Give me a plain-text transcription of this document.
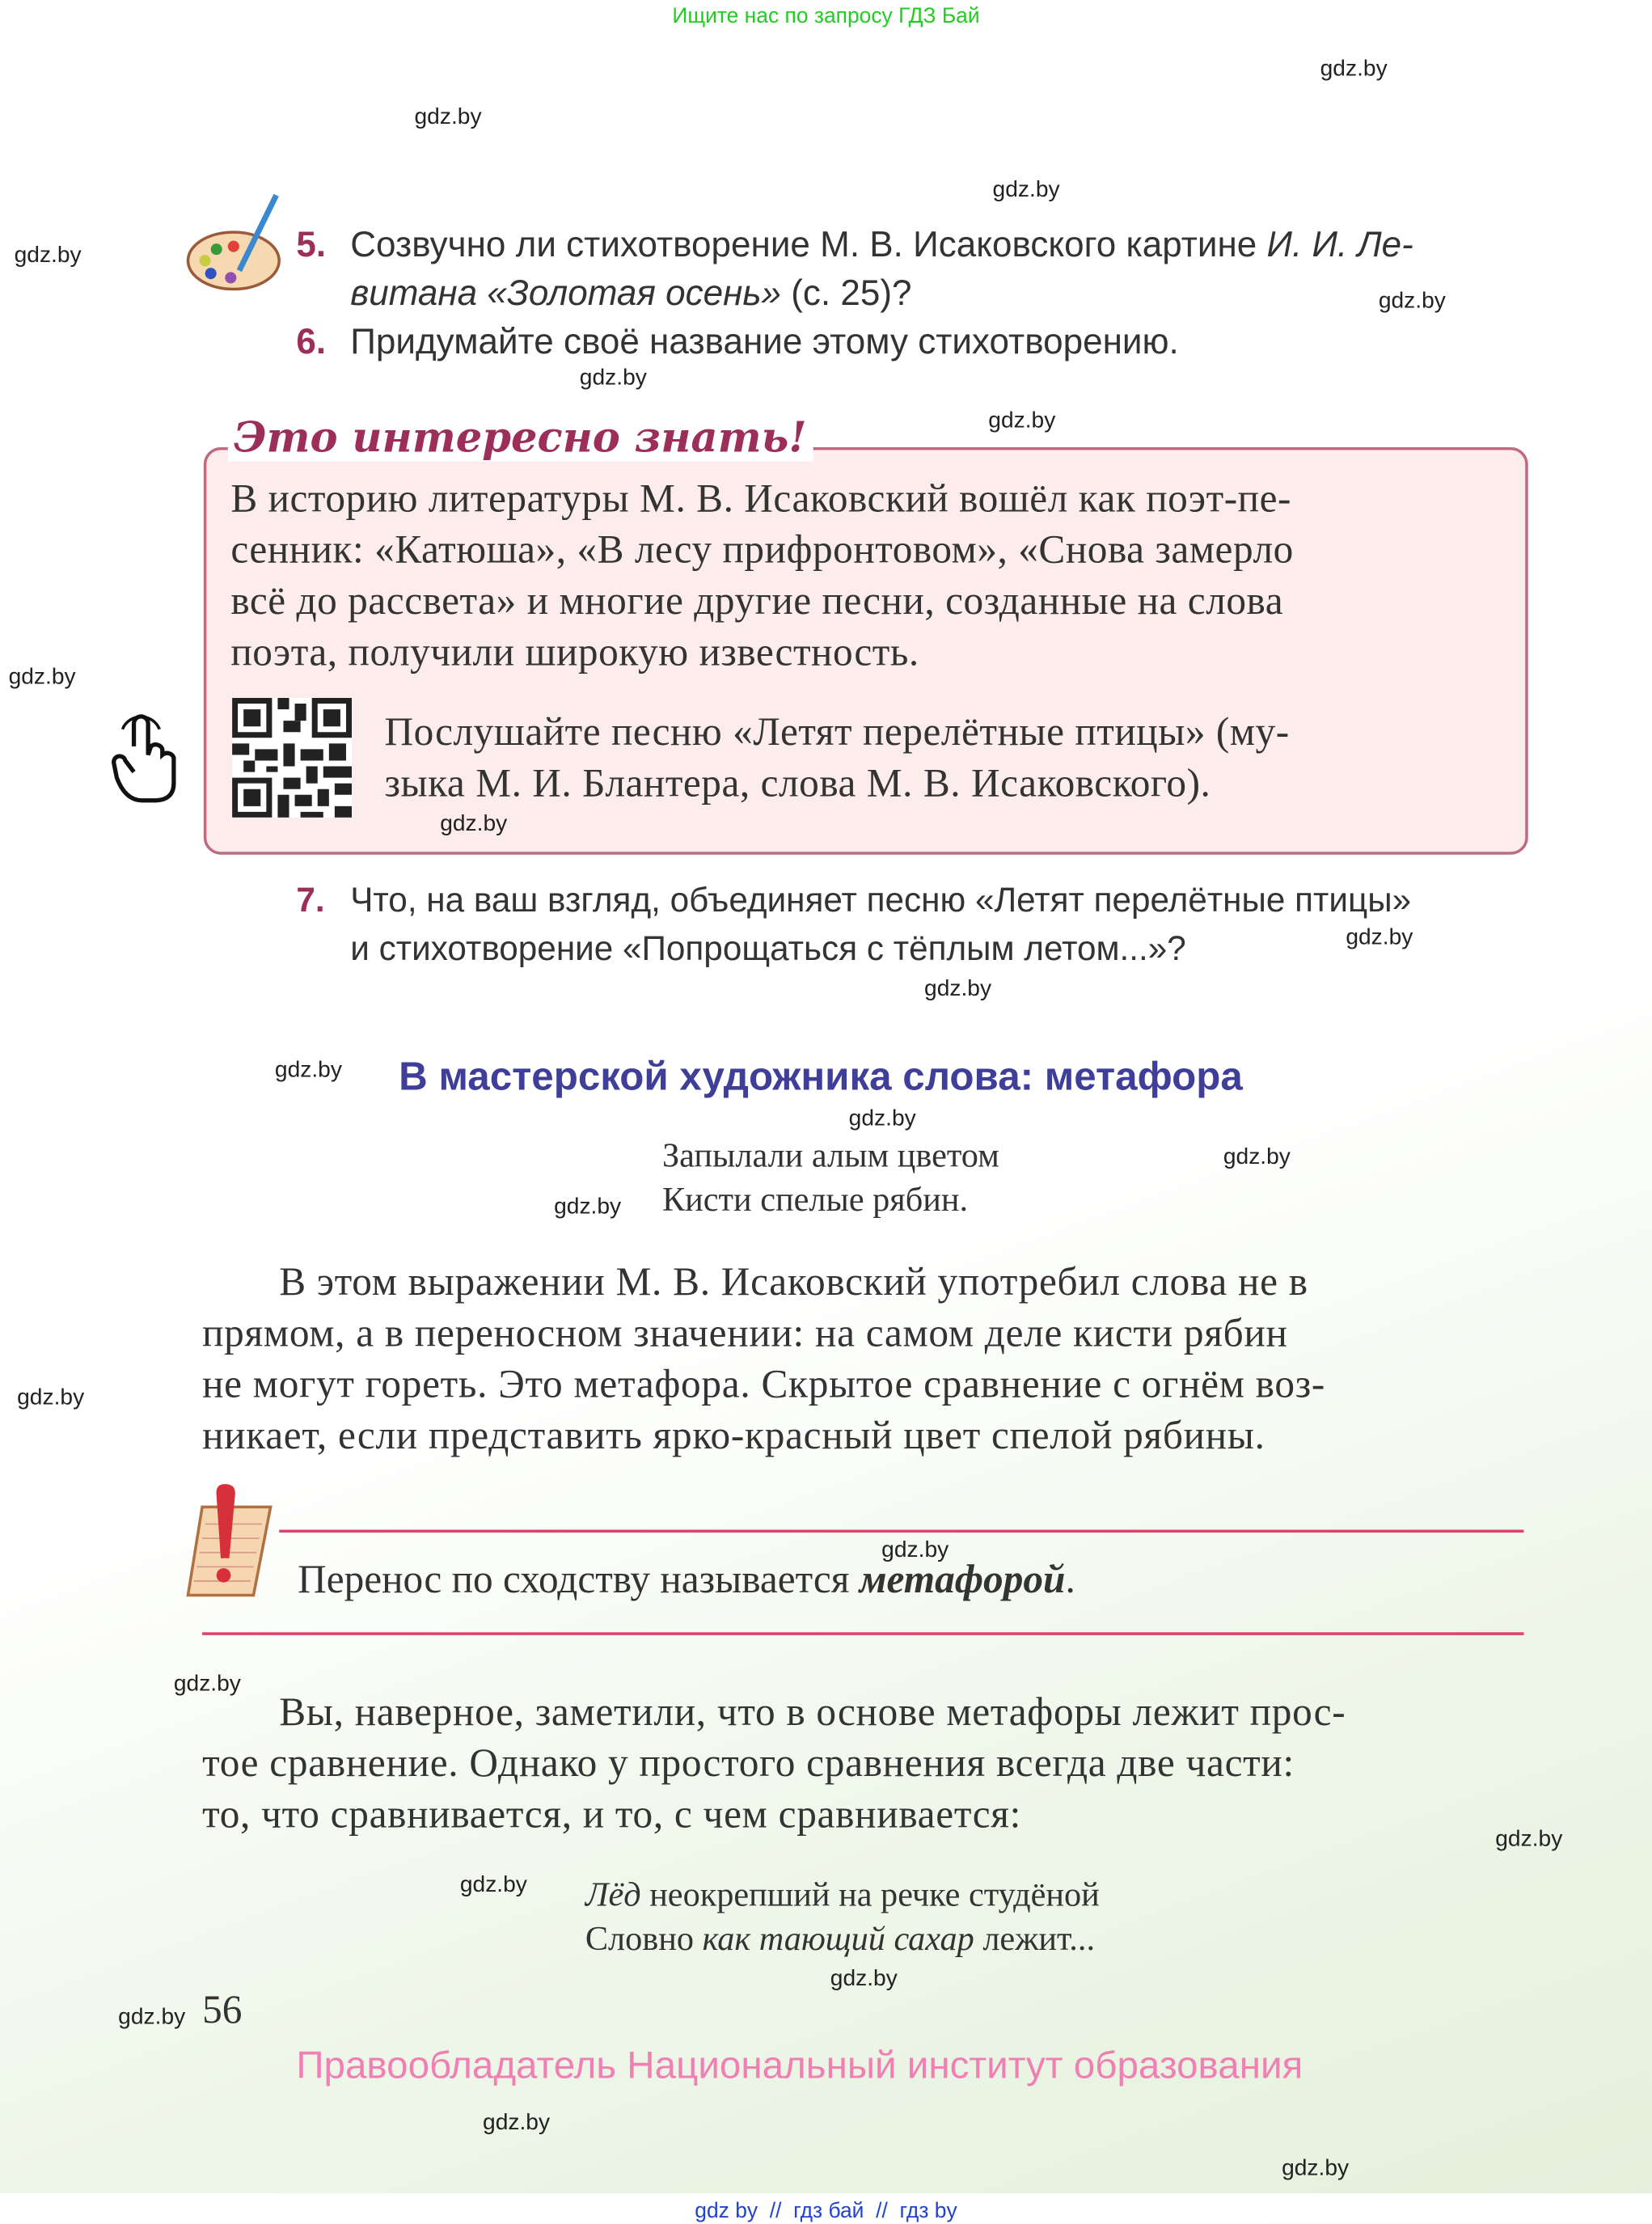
Ищите нас по запросу ГДЗ Бай
gdz.by
gdz.by
gdz.by
gdz.by
gdz.by
gdz.by
gdz.by
gdz.by
gdz.by
gdz.by
gdz.by
gdz.by
gdz.by
gdz.by
gdz.by
gdz.by
gdz.by
gdz.by
gdz.by
gdz.by
gdz.by
gdz.by
gdz.by
gdz.by
5. Созвучно ли стихотворение М. В. Исаковского картине И. И. Ле-
витана «Золотая осень» (с. 25)?
6. Придумайте своё название этому стихотворению.
Это интересно знать!
В историю литературы М. В. Исаковский вошёл как поэт-пе-
сенник: «Катюша», «В лесу прифронтовом», «Снова замерло
всё до рассвета» и многие другие песни, созданные на слова
поэта, получили широкую известность.
Послушайте песню «Летят перелётные птицы» (му-
зыка М. И. Блантера, слова М. В. Исаковского).
7. Что, на ваш взгляд, объединяет песню «Летят перелётные птицы»
и стихотворение «Попрощаться с тёплым летом...»?
В мастерской художника слова: метафора
Запылали алым цветом
Кисти спелые рябин.
В этом выражении М. В. Исаковский употребил слова не в
прямом, а в переносном значении: на самом деле кисти рябин
не могут гореть. Это метафора. Скрытое сравнение с огнём воз-
никает, если представить ярко-красный цвет спелой рябины.
Перенос по сходству называется метафорой.
Вы, наверное, заметили, что в основе метафоры лежит прос-
тое сравнение. Однако у простого сравнения всегда две части:
то, что сравнивается, и то, с чем сравнивается:
Лёд неокрепший на речке студёной
Словно как тающий сахар лежит...
56
Правообладатель Национальный институт образования
gdz by  //  гдз бай  //  гдз by
